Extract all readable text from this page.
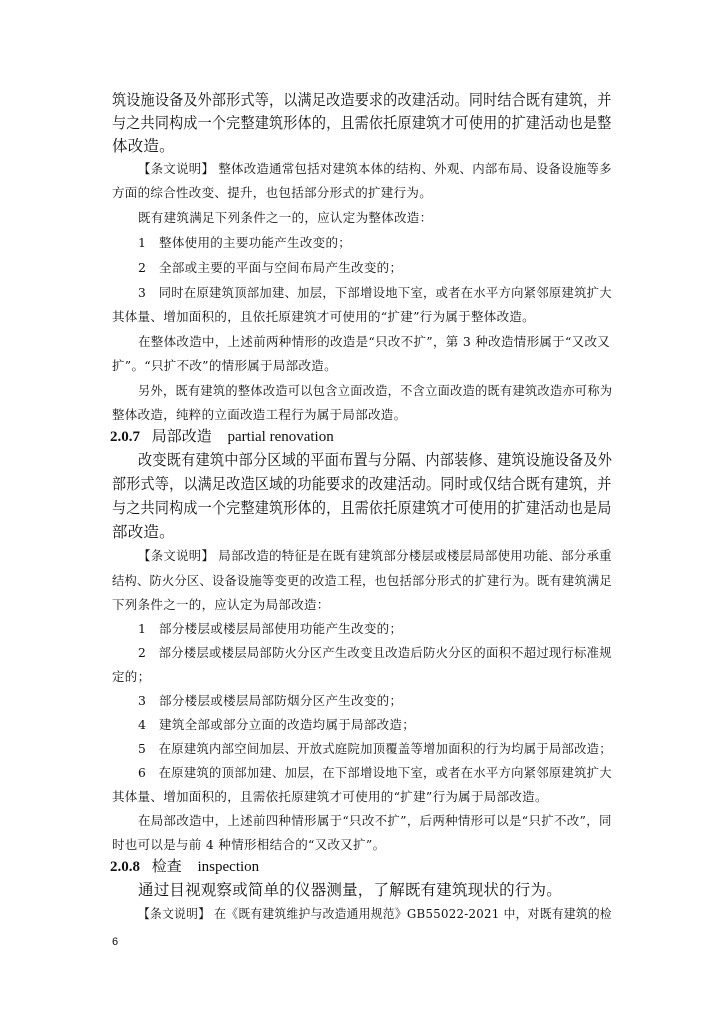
筑设施设备及外部形式等，以满足改造要求的改建活动。同时结合既有建筑，并
与之共同构成一个完整建筑形体的，且需依托原建筑才可使用的扩建活动也是整
体改造。
【条文说明】 整体改造通常包括对建筑本体的结构、外观、内部布局、设备设施等多
方面的综合性改变、提升，也包括部分形式的扩建行为。
既有建筑满足下列条件之一的，应认定为整体改造：
1　整体使用的主要功能产生改变的；
2　全部或主要的平面与空间布局产生改变的；
3　同时在原建筑顶部加建、加层，下部增设地下室，或者在水平方向紧邻原建筑扩大
其体量、增加面积的，且依托原建筑才可使用的“扩建”行为属于整体改造。
在整体改造中，上述前两种情形的改造是“只改不扩”，第 3 种改造情形属于“又改又
扩”。“只扩不改”的情形属于局部改造。
另外，既有建筑的整体改造可以包含立面改造，不含立面改造的既有建筑改造亦可称为
整体改造，纯粹的立面改造工程行为属于局部改造。
2.0.7 局部改造 partial renovation
改变既有建筑中部分区域的平面布置与分隔、内部装修、建筑设施设备及外
部形式等，以满足改造区域的功能要求的改建活动。同时或仅结合既有建筑，并
与之共同构成一个完整建筑形体的，且需依托原建筑才可使用的扩建活动也是局
部改造。
【条文说明】 局部改造的特征是在既有建筑部分楼层或楼层局部使用功能、部分承重
结构、防火分区、设备设施等变更的改造工程，也包括部分形式的扩建行为。既有建筑满足
下列条件之一的，应认定为局部改造：
1　部分楼层或楼层局部使用功能产生改变的；
2　部分楼层或楼层局部防火分区产生改变且改造后防火分区的面积不超过现行标准规
定的；
3　部分楼层或楼层局部防烟分区产生改变的；
4　建筑全部或部分立面的改造均属于局部改造；
5　在原建筑内部空间加层、开放式庭院加顶覆盖等增加面积的行为均属于局部改造；
6　在原建筑的顶部加建、加层，在下部增设地下室，或者在水平方向紧邻原建筑扩大
其体量、增加面积的，且需依托原建筑才可使用的“扩建”行为属于局部改造。
在局部改造中，上述前四种情形属于“只改不扩”，后两种情形可以是“只扩不改”，同
时也可以是与前 4 种情形相结合的“又改又扩”。
2.0.8 检查 inspection
通过目视观察或简单的仪器测量，了解既有建筑现状的行为。
【条文说明】 在《既有建筑维护与改造通用规范》GB55022-2021 中，对既有建筑的检
6
